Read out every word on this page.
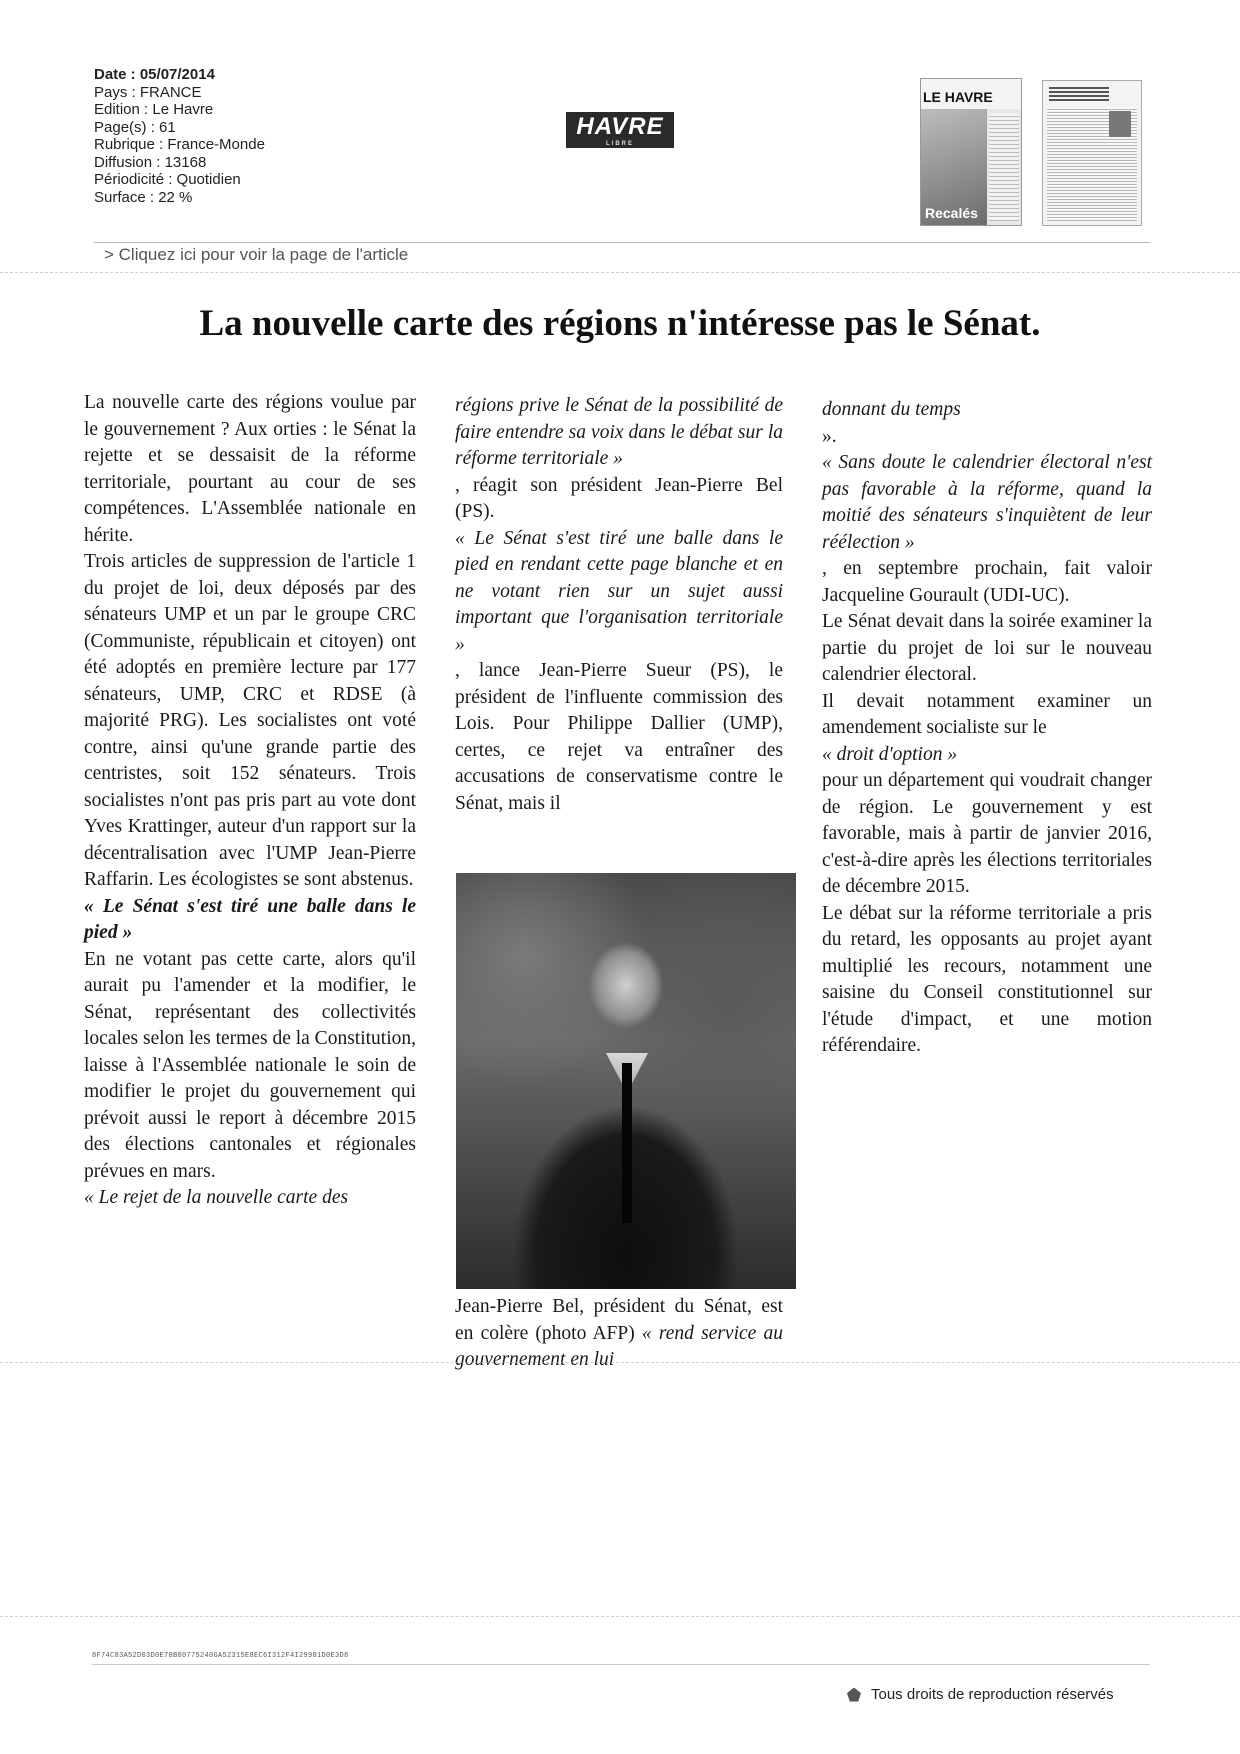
Date : 05/07/2014
Pays : FRANCE
Edition : Le Havre
Page(s) : 61
Rubrique : France-Monde
Diffusion : 13168
Périodicité : Quotidien
Surface : 22 %
HAVRE
LIBRE
LE HAVRE
Recalés
> Cliquez ici pour voir la page de l'article
La nouvelle carte des régions n'intéresse pas le Sénat.

La nouvelle carte des régions voulue par le gouvernement ? Aux orties : le Sénat la rejette et se dessaisit de la réforme territoriale, pourtant au cour de ses compétences. L'Assemblée nationale en hérite.

Trois articles de suppression de l'article 1 du projet de loi, deux déposés par des sénateurs UMP et un par le groupe CRC (Communiste, républicain et citoyen) ont été adoptés en première lecture par 177 sénateurs, UMP, CRC et RDSE (à majorité PRG). Les socialistes ont voté contre, ainsi qu'une grande partie des centristes, soit 152 sénateurs. Trois socialistes n'ont pas pris part au vote dont Yves Krattinger, auteur d'un rapport sur la décentralisation avec l'UMP Jean-Pierre Raffarin. Les écologistes se sont abstenus.

« Le Sénat s'est tiré une balle dans le pied »

En ne votant pas cette carte, alors qu'il aurait pu l'amender et la modifier, le Sénat, représentant des collectivités locales selon les termes de la Constitution, laisse à l'Assemblée nationale le soin de modifier le projet du gouvernement qui prévoit aussi le report à décembre 2015 des élections cantonales et régionales prévues en mars.

« Le rejet de la nouvelle carte des

régions prive le Sénat de la possibilité de faire entendre sa voix dans le débat sur la réforme territoriale »

, réagit son président Jean-Pierre Bel (PS).

« Le Sénat s'est tiré une balle dans le pied en rendant cette page blanche et en ne votant rien sur un sujet aussi important que l'organisation territoriale »

, lance Jean-Pierre Sueur (PS), le président de l'influente commission des Lois. Pour Philippe Dallier (UMP), certes, ce rejet va entraîner des accusations de conservatisme contre le Sénat, mais il

Jean-Pierre Bel, président du Sénat, est en colère (photo AFP) « rend service au gouvernement en lui

donnant du temps

».

« Sans doute le calendrier électoral n'est pas favorable à la réforme, quand la moitié des sénateurs s'inquiètent de leur réélection »

, en septembre prochain, fait valoir Jacqueline Gourault (UDI-UC).

Le Sénat devait dans la soirée examiner la partie du projet de loi sur le nouveau calendrier électoral.

Il devait notamment examiner un amendement socialiste sur le

« droit d'option »

pour un département qui voudrait changer de région. Le gouvernement y est favorable, mais à partir de janvier 2016, c'est-à-dire après les élections territoriales de décembre 2015.

Le débat sur la réforme territoriale a pris du retard, les opposants au projet ayant multiplié les recours, notamment une saisine du Conseil constitutionnel sur l'étude d'impact, et une motion référendaire.

8F74C83A52D03D0E70B00775240GA52315E8EC6I312F4I29981D0E3D8
Tous droits de reproduction réservés
